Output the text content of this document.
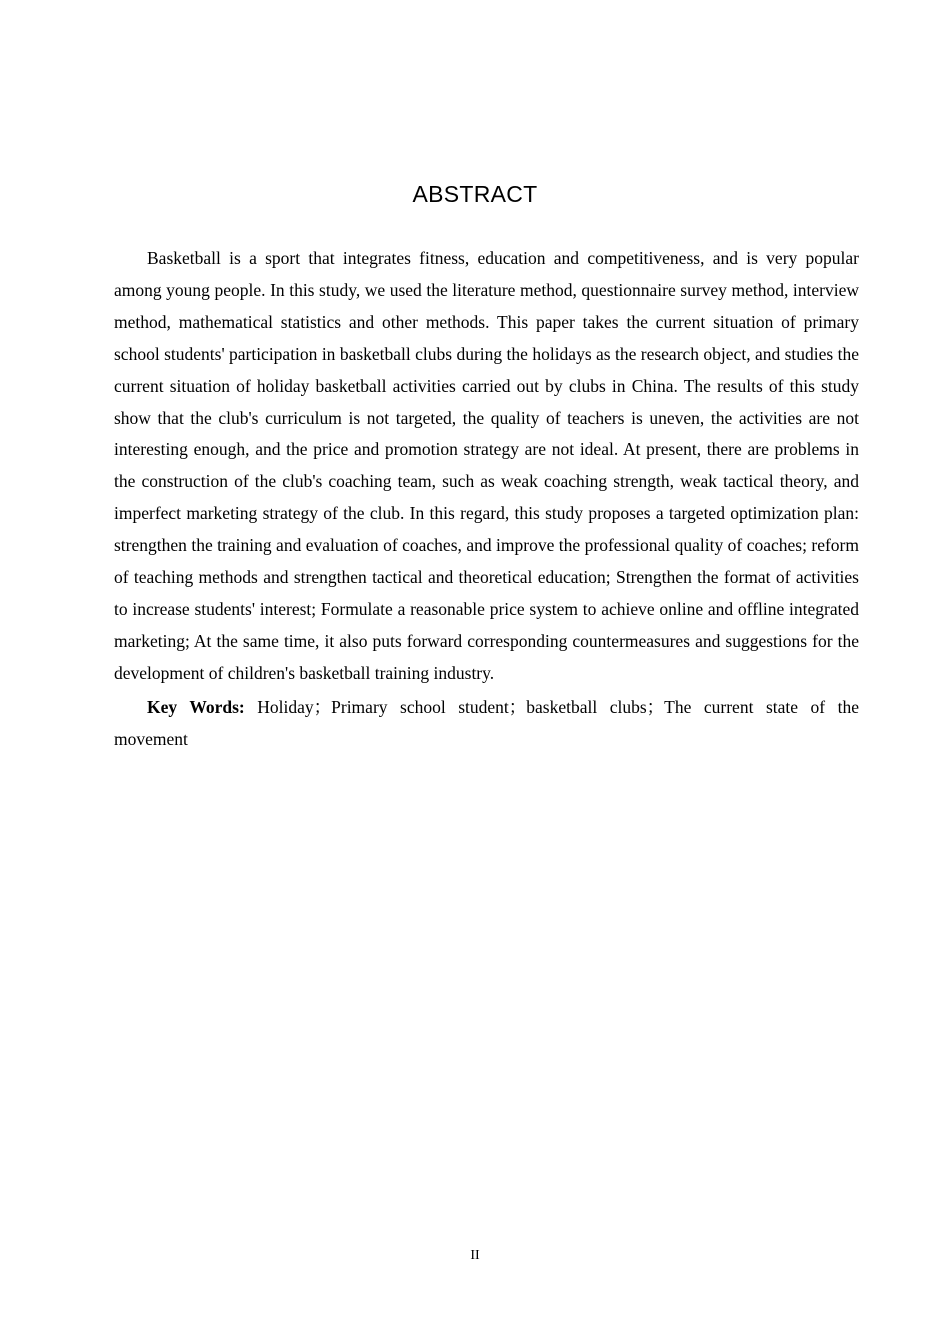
ABSTRACT

Basketball is a sport that integrates fitness, education and competitiveness, and is very popular among young people. In this study, we used the literature method, questionnaire survey method, interview method, mathematical statistics and other methods. This paper takes the current situation of primary school students' participation in basketball clubs during the holidays as the research object, and studies the current situation of holiday basketball activities carried out by clubs in China. The results of this study show that the club's curriculum is not targeted, the quality of teachers is uneven, the activities are not interesting enough, and the price and promotion strategy are not ideal. At present, there are problems in the construction of the club's coaching team, such as weak coaching strength, weak tactical theory, and imperfect marketing strategy of the club. In this regard, this study proposes a targeted optimization plan: strengthen the training and evaluation of coaches, and improve the professional quality of coaches; reform of teaching methods and strengthen tactical and theoretical education; Strengthen the format of activities to increase students' interest; Formulate a reasonable price system to achieve online and offline integrated marketing; At the same time, it also puts forward corresponding countermeasures and suggestions for the development of children's basketball training industry.

Key Words: Holiday；Primary school student；basketball clubs；The current state of the movement

II
